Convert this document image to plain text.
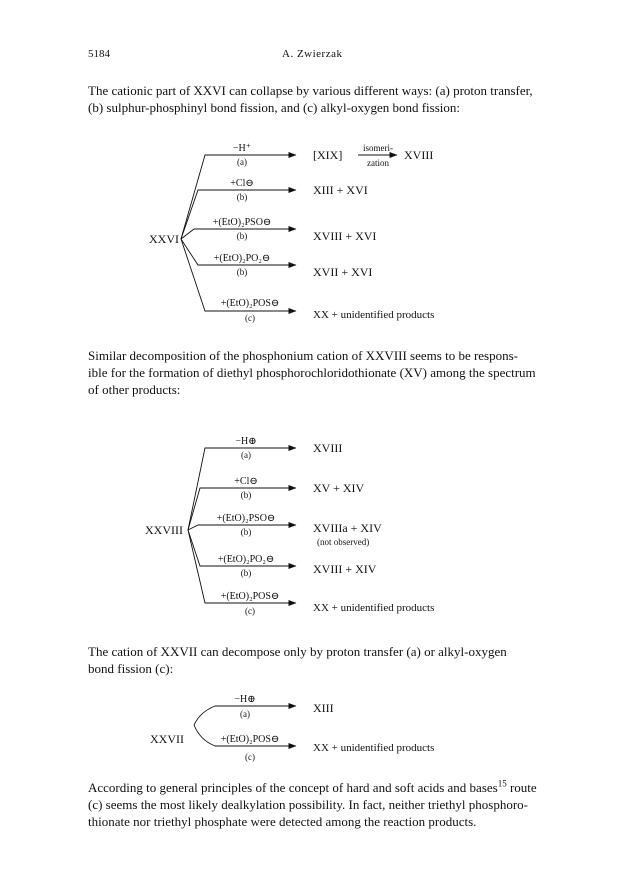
5184	A. Zwierzak
The cationic part of XXVI can collapse by various different ways: (a) proton transfer,
(b) sulphur-phosphinyl bond fission, and (c) alkyl-oxygen bond fission:
Similar decomposition of the phosphonium cation of XXVIII seems to be respons-
ible for the formation of diethyl phosphorochloridothionate (XV) among the spectrum
of other products:
The cation of XXVII can decompose only by proton transfer (a) or alkyl-oxygen
bond fission (c):
According to general principles of the concept of hard and soft acids and bases$^{15}$ route
(c) seems the most likely dealkylation possibility. In fact, neither triethyl phosphoro-
thionate nor triethyl phosphate were detected among the reaction products.
XXVI
−H⁺
(a)	[XIX] isomeri-
zation
XVIII
+Cl⊖
(b)	XIII + XVI
+(EtO)₂PSO⊖
(b)	XVIII + XVI
+(EtO)₂PO₂⊖
(b)	XVII + XVI
+(EtO)₂POS⊖
(c)	XX + unidentified products
XXVIII
−H⊕
(a)	XVIII
+Cl⊖
(b)	XV + XIV
+(EtO)₂PSO⊖
(b)	XVIIIa + XIV
(not observed)
+(EtO)₂PO₂⊖
(b)	XVIII + XIV
+(EtO)₂POS⊖
(c)	XX + unidentified products
XXVII
−H⊕
(a)	XIII
+(EtO)₂POS⊖
(c)
XX + unidentified products
